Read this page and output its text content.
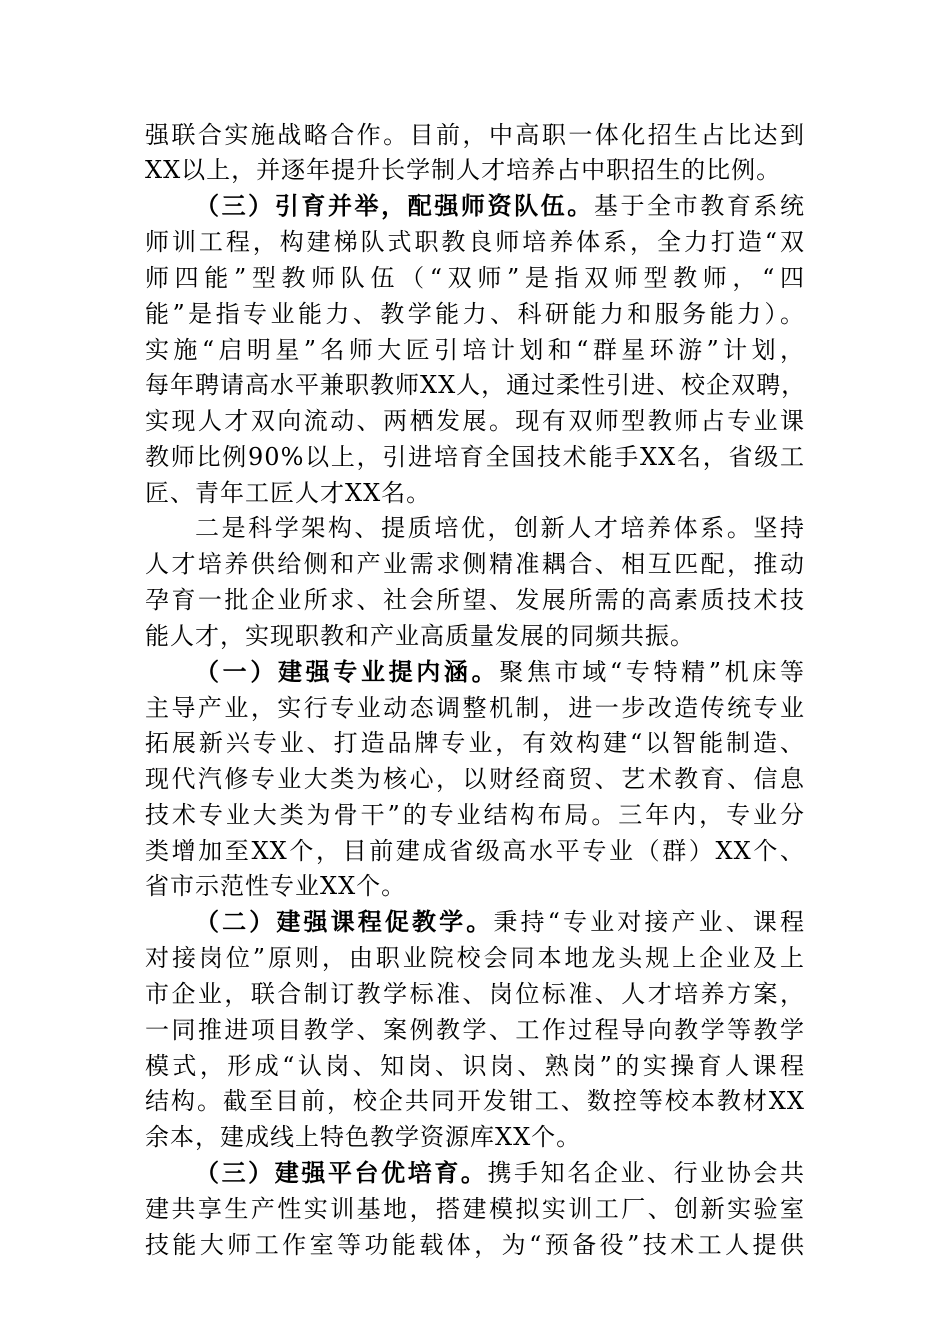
强联合实施战略合作。目前，中高职一体化招生占比达到
XX以上，并逐年提升长学制人才培养占中职招生的比例。
（三）引育并举，配强师资队伍。基于全市教育系统
师训工程，构建梯队式职教良师培养体系，全力打造“双
师四能”型教师队伍（“双师”是指双师型教师，“四
能”是指专业能力、教学能力、科研能力和服务能力）。
实施“启明星”名师大匠引培计划和“群星环游”计划，
每年聘请高水平兼职教师XX人，通过柔性引进、校企双聘，
实现人才双向流动、两栖发展。现有双师型教师占专业课
教师比例90%以上，引进培育全国技术能手XX名，省级工
匠、青年工匠人才XX名。
二是科学架构、提质培优，创新人才培养体系。坚持
人才培养供给侧和产业需求侧精准耦合、相互匹配，推动
孕育一批企业所求、社会所望、发展所需的高素质技术技
能人才，实现职教和产业高质量发展的同频共振。
（一）建强专业提内涵。聚焦市域“专特精”机床等
主导产业，实行专业动态调整机制，进一步改造传统专业
拓展新兴专业、打造品牌专业，有效构建“以智能制造、
现代汽修专业大类为核心，以财经商贸、艺术教育、信息
技术专业大类为骨干”的专业结构布局。三年内，专业分
类增加至XX个，目前建成省级高水平专业（群）XX个、
省市示范性专业XX个。
（二）建强课程促教学。秉持“专业对接产业、课程
对接岗位”原则，由职业院校会同本地龙头规上企业及上
市企业，联合制订教学标准、岗位标准、人才培养方案，
一同推进项目教学、案例教学、工作过程导向教学等教学
模式，形成“认岗、知岗、识岗、熟岗”的实操育人课程
结构。截至目前，校企共同开发钳工、数控等校本教材XX
余本，建成线上特色教学资源库XX个。
（三）建强平台优培育。携手知名企业、行业协会共
建共享生产性实训基地，搭建模拟实训工厂、创新实验室
技能大师工作室等功能载体，为“预备役”技术工人提供
